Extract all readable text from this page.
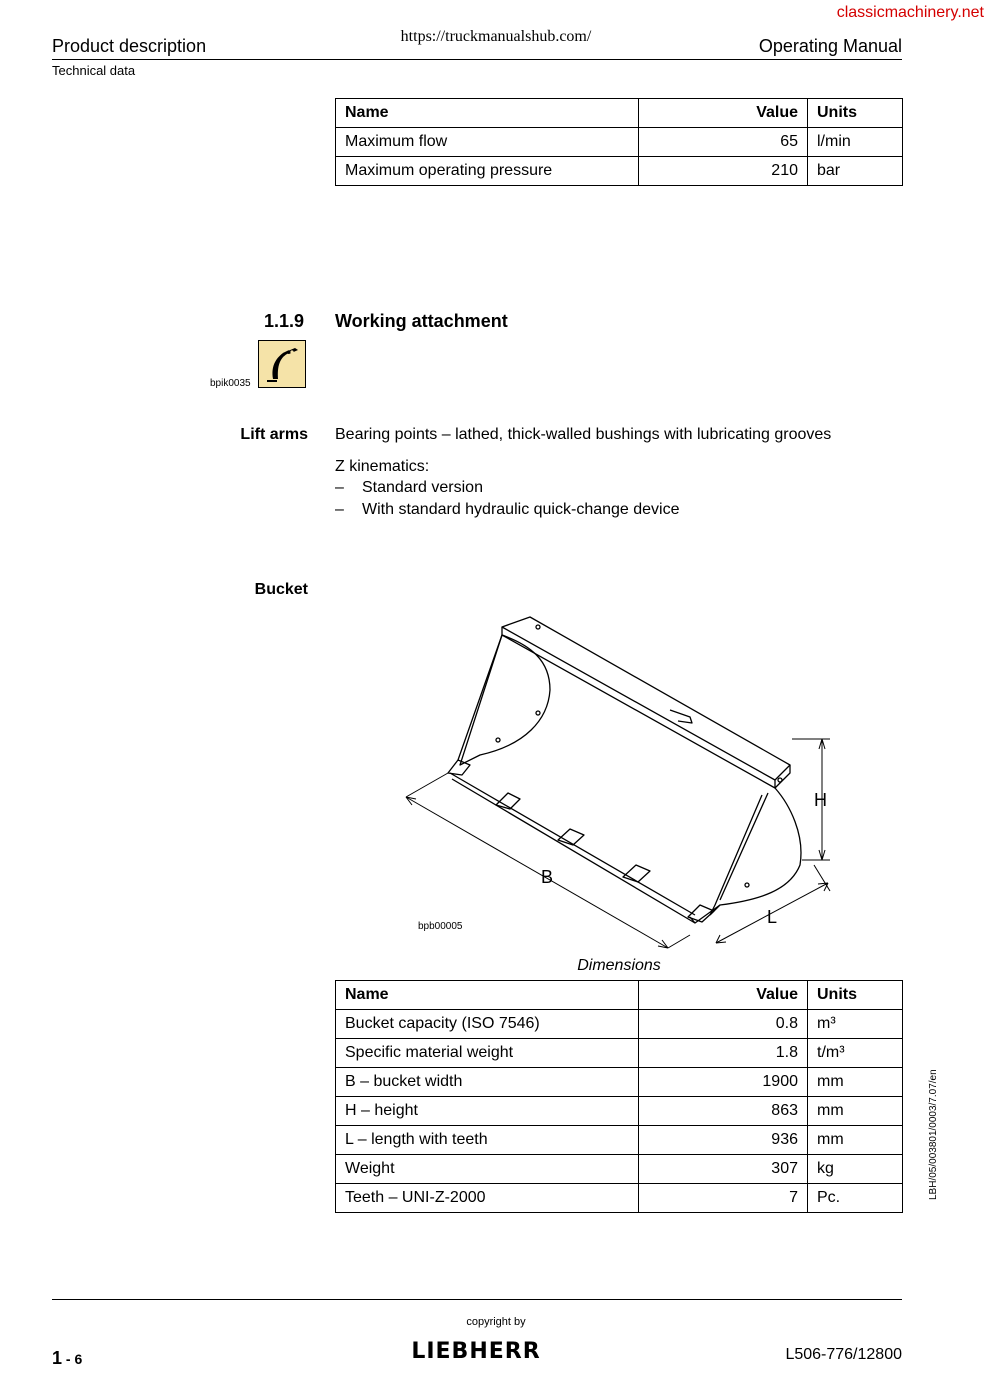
classicmachinery.net
https://truckmanualshub.com/
Product description	Operating Manual
Technical data
Name	Value	Units
Maximum flow	65	l/min
Maximum operating pressure	210	bar
1.1.9 Working attachment
bpik0035
Lift arms Bearing points – lathed, thick-walled bushings with lubricating grooves
Z kinematics:
– Standard version
– With standard hydraulic quick-change device
Bucket
H
B
L
bpb00005
Dimensions
Name	Value	Units
Bucket capacity (ISO 7546)	0.8	m³
Specific material weight	1.8	t/m³
B – bucket width	1900	mm
H – height	863	mm
L – length with teeth	936	mm
Weight	307	kg
Teeth – UNI-Z-2000	7	Pc.	LBH/05/003801/0003/7.07/en
copyright by
1 - 6	LIEBHERR	L506-776/12800
